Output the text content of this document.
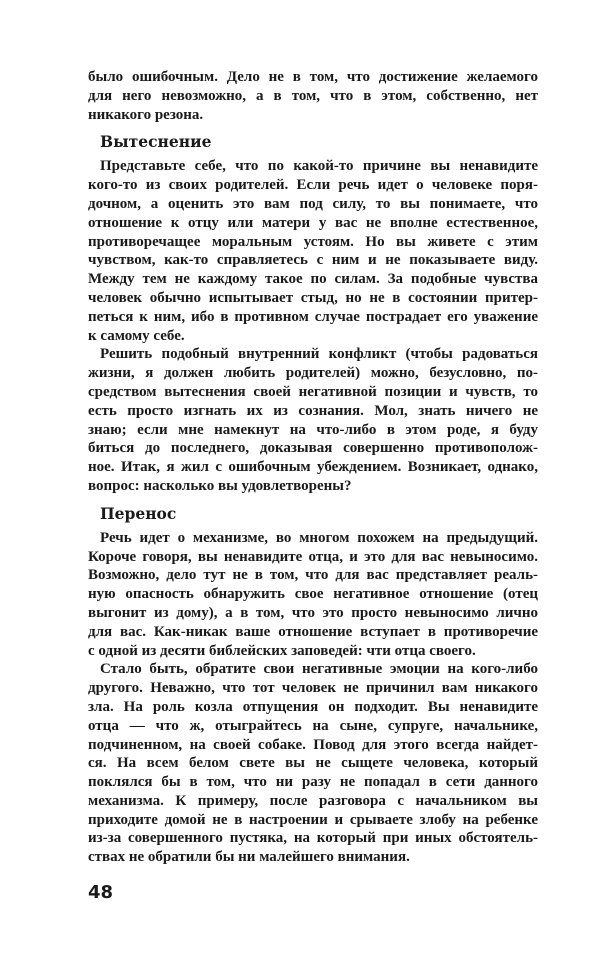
было ошибочным. Дело не в том, что достижение желаемого
для него невозможно, а в том, что в этом, собственно, нет
никакого резона.
Вытеснение
Представьте себе, что по какой-то причине вы ненавидите
кого-то из своих родителей. Если речь идет о человеке поря-
дочном, а оценить это вам под силу, то вы понимаете, что
отношение к отцу или матери у вас не вполне естественное,
противоречащее моральным устоям. Но вы живете с этим
чувством, как-то справляетесь с ним и не показываете виду.
Между тем не каждому такое по силам. За подобные чувства
человек обычно испытывает стыд, но не в состоянии притер-
петься к ним, ибо в противном случае пострадает его уважение
к самому себе.
Решить подобный внутренний конфликт (чтобы радоваться
жизни, я должен любить родителей) можно, безусловно, по-
средством вытеснения своей негативной позиции и чувств, то
есть просто изгнать их из сознания. Мол, знать ничего не
знаю; если мне намекнут на что-либо в этом роде, я буду
биться до последнего, доказывая совершенно противополож-
ное. Итак, я жил с ошибочным убеждением. Возникает, однако,
вопрос: насколько вы удовлетворены?
Перенос
Речь идет о механизме, во многом похожем на предыдущий.
Короче говоря, вы ненавидите отца, и это для вас невыносимо.
Возможно, дело тут не в том, что для вас представляет реаль-
ную опасность обнаружить свое негативное отношение (отец
выгонит из дому), а в том, что это просто невыносимо лично
для вас. Как-никак ваше отношение вступает в противоречие
с одной из десяти библейских заповедей: чти отца своего.
Стало быть, обратите свои негативные эмоции на кого-либо
другого. Неважно, что тот человек не причинил вам никакого
зла. На роль козла отпущения он подходит. Вы ненавидите
отца — что ж, отыграйтесь на сыне, супруге, начальнике,
подчиненном, на своей собаке. Повод для этого всегда найдет-
ся. На всем белом свете вы не сыщете человека, который
поклялся бы в том, что ни разу не попадал в сети данного
механизма. К примеру, после разговора с начальником вы
приходите домой не в настроении и срываете злобу на ребенке
из-за совершенного пустяка, на который при иных обстоятель-
ствах не обратили бы ни малейшего внимания.
48
